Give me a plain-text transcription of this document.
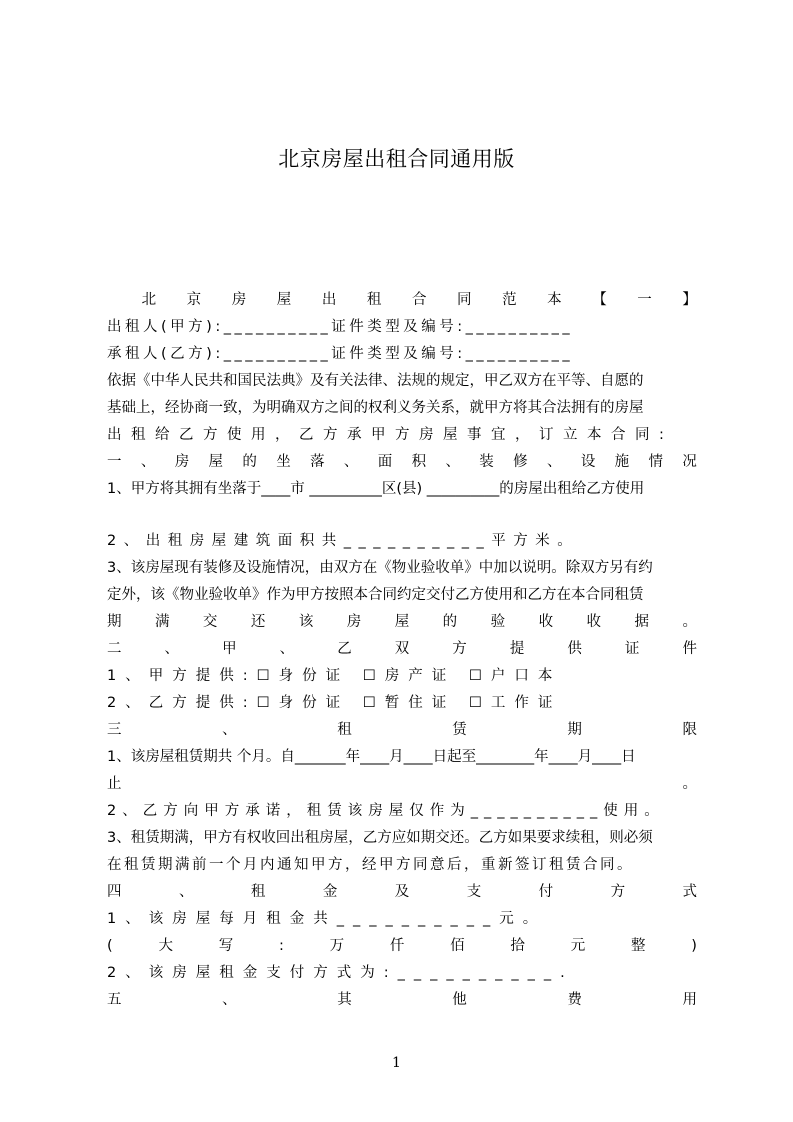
北京房屋出租合同通用版
北 京 房 屋 出 租 合 同 范 本 【 一 】
出租人(甲方):__________证件类型及编号:__________
承租人(乙方):__________证件类型及编号:__________
依据《中华人民共和国民法典》及有关法律、法规的规定，甲乙双方在平等、自愿的
基础上，经协商一致，为明确双方之间的权利义务关系，就甲方将其合法拥有的房屋
出租给乙方使用，乙方承甲方房屋事宜，订立本合同:
一 、 房 屋 的 坐 落 、 面 积 、 装 修 、 设 施 情 况
1、甲方将其拥有坐落于____市 __________区(县) __________的房屋出租给乙方使用
2、出租房屋建筑面积共__________平方米。
3、该房屋现有装修及设施情况，由双方在《物业验收单》中加以说明。除双方另有约
定外，该《物业验收单》作为甲方按照本合同约定交付乙方使用和乙方在本合同租赁
期 满 交 还 该 房 屋 的 验 收 收 据 。
二	、	甲	、	乙	双	方	提	供	证	件
1、甲方提供:☐身份证 ☐房产证 ☐户口本
2、乙方提供:☐身份证 ☐暂住证 ☐工作证
三	、	租	赁	期	限
1、该房屋租赁期共 个月。自_______年____月____日起至________年____月____日
止	。
2、乙方向甲方承诺，租赁该房屋仅作为__________使用。
3、租赁期满，甲方有权收回出租房屋，乙方应如期交还。乙方如果要求续租，则必须
在租赁期满前一个月内通知甲方，经甲方同意后，重新签订租赁合同。
四	、	租	金	及	支	付	方	式
1、该房屋每月租金共__________元。
(	大	写	:	万	仟	佰	拾	元	整	)
2、该房屋租金支付方式为:__________.
五	、	其	他	费	用
1
